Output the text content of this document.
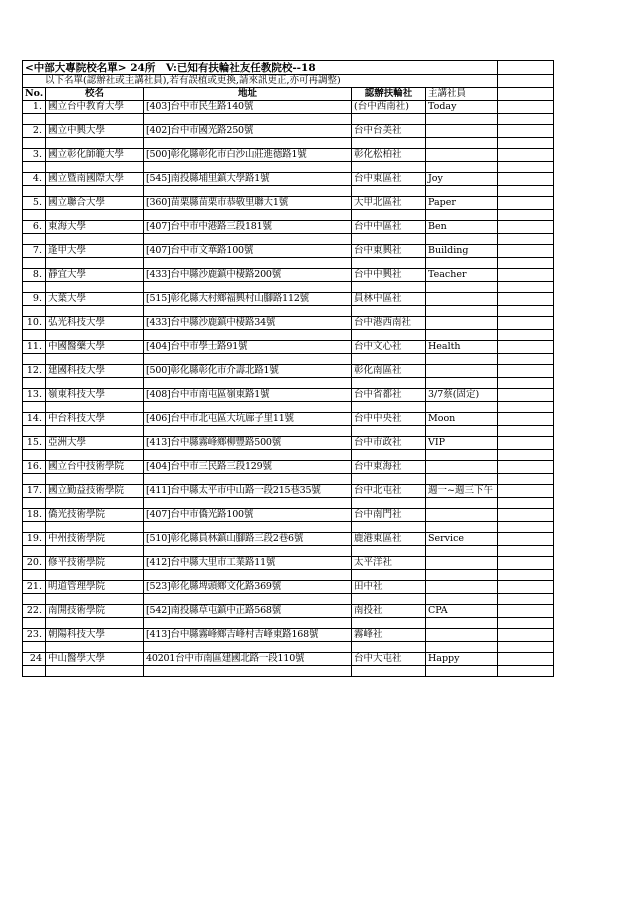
<中部大專院校名單> 24所　V:已知有扶輪社友任教院校--18					
以下名單(認辦社或主講社員),若有誤植或更換,請來訊更正,亦可再調整)					
No.	校名	地址	認辦扶輪社	主講社員	
1.	國立台中教育大學	[403]台中市民生路140號	(台中西南社)	Today	

2.	國立中興大學	[402]台中市國光路250號	台中台美社		

3.	國立彰化師範大學	[500]彰化縣彰化市白沙山莊進德路1號	彰化松柏社		

4.	國立暨南國際大學	[545]南投縣埔里鎮大學路1號	台中東區社	Joy	

5.	國立聯合大學	[360]苗栗縣苗栗市恭敬里聯大1號	大甲北區社	Paper	

6.	東海大學	[407]台中市中港路三段181號	台中中區社	Ben	

7.	逢甲大學	[407]台中市文華路100號	台中東興社	Building	

8.	靜宜大學	[433]台中縣沙鹿鎮中棲路200號	台中中興社	Teacher	

9.	大葉大學	[515]彰化縣大村鄉福興村山腳路112號	員林中區社		

10.	弘光科技大學	[433]台中縣沙鹿鎮中棲路34號	台中港西南社		

11.	中國醫藥大學	[404]台中市學士路91號	台中文心社	Health	

12.	建國科技大學	[500]彰化縣彰化市介壽北路1號	彰化南區社		

13.	嶺東科技大學	[408]台中市南屯區嶺東路1號	台中省都社	3/7蔡(固定)	

14.	中台科技大學	[406]台中市北屯區大坑廍子里11號	台中中央社	Moon	

15.	亞洲大學	[413]台中縣霧峰鄉柳豐路500號	台中市政社	VIP	

16.	國立台中技術學院	[404]台中市三民路三段129號	台中東海社		

17.	國立勤益技術學院	[411]台中縣太平市中山路一段215巷35號	台中北屯社	週一~週三下午	

18.	僑光技術學院	[407]台中市僑光路100號	台中南門社		

19.	中州技術學院	[510]彰化縣員林鎮山腳路三段2巷6號	鹿港東區社	Service	

20.	修平技術學院	[412]台中縣大里市工業路11號	太平洋社		

21.	明道管理學院	[523]彰化縣埤頭鄉文化路369號	田中社		

22.	南開技術學院	[542]南投縣草屯鎮中正路568號	南投社	CPA	

23.	朝陽科技大學	[413]台中縣霧峰鄉吉峰村吉峰東路168號	霧峰社		

24	中山醫學大學	40201台中市南區建國北路一段110號	台中大屯社	Happy	
